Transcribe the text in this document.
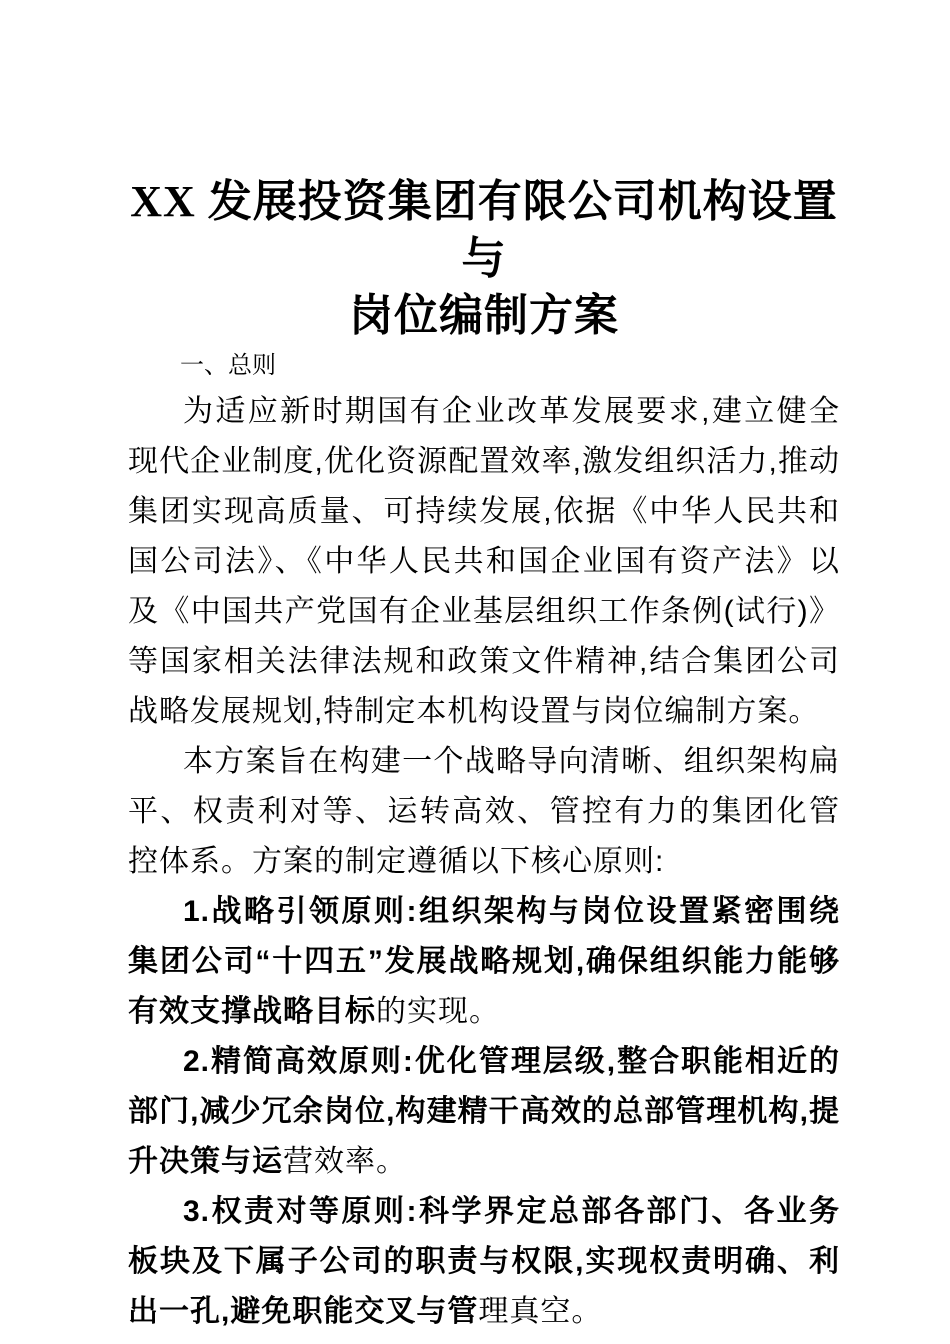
XX 发展投资集团有限公司机构设置与
岗位编制方案
一、总则

为适应新时期国有企业改革发展要求,建立健全现代企业制度,优化资源配置效率,激发组织活力,推动集团实现高质量、可持续发展,依据《中华人民共和国公司法》、《中华人民共和国企业国有资产法》以及《中国共产党国有企业基层组织工作条例(试行)》等国家相关法律法规和政策文件精神,结合集团公司战略发展规划,特制定本机构设置与岗位编制方案。

本方案旨在构建一个战略导向清晰、组织架构扁平、权责利对等、运转高效、管控有力的集团化管控体系。方案的制定遵循以下核心原则:

1.战略引领原则:组织架构与岗位设置紧密围绕集团公司“十四五”发展战略规划,确保组织能力能够有效支撑战略目标的实现。

2.精简高效原则:优化管理层级,整合职能相近的部门,减少冗余岗位,构建精干高效的总部管理机构,提升决策与运营效率。

3.权责对等原则:科学界定总部各部门、各业务板块及下属子公司的职责与权限,实现权责明确、利出一孔,避免职能交叉与管理真空。
